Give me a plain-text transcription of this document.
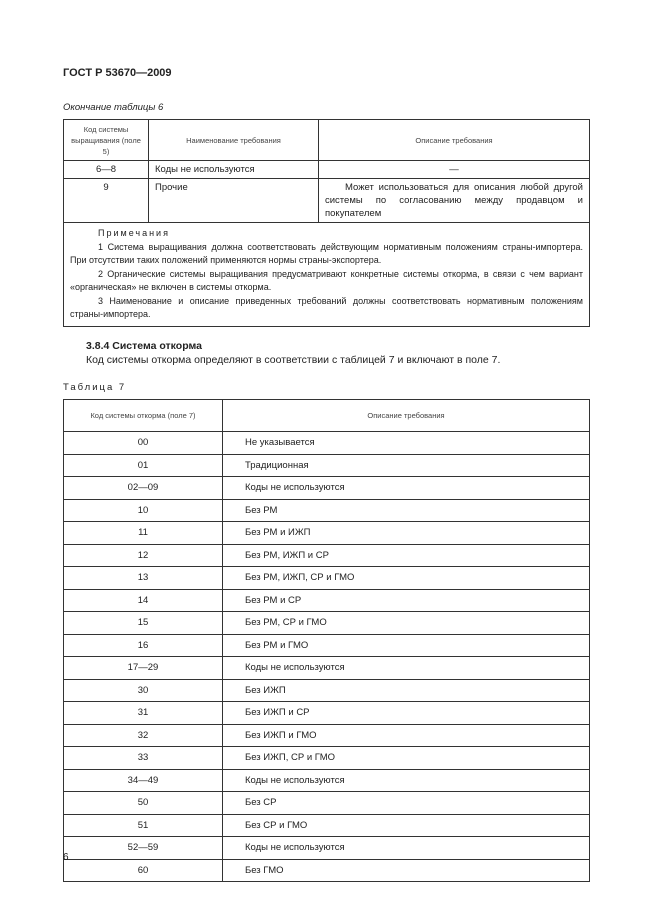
ГОСТ Р 53670—2009
Окончание таблицы 6
Код системы выращивания (поле 5)	Наименование требования	Описание требования
6—8	Коды не используются	—
9	Прочие	Может использоваться для описания любой другой системы по согласованию между продавцом и покупателем

Примечания
1 Система выращивания должна соответствовать действующим нормативным положениям страны-импортера. При отсутствии таких положений применяются нормы страны-экспортера.
2 Органические системы выращивания предусматривают конкретные системы откорма, в связи с чем вариант «органическая» не включен в системы откорма.
3 Наименование и описание приведенных требований должны соответствовать нормативным положениям страны-импортера.		
3.8.4 Система откорма
Код системы откорма определяют в соответствии с таблицей 7 и включают в поле 7.
Таблица 7
Код системы откорма (поле 7)	Описание требования
00	Не указывается
01	Традиционная
02—09	Коды не используются
10	Без РМ
11	Без РМ и ИЖП
12	Без РМ, ИЖП и СР
13	Без РМ, ИЖП, СР и ГМО
14	Без РМ и СР
15	Без РМ, СР и ГМО
16	Без РМ и ГМО
17—29	Коды не используются
30	Без ИЖП
31	Без ИЖП и СР
32	Без ИЖП и ГМО
33	Без ИЖП, СР и ГМО
34—49	Коды не используются
50	Без СР
51	Без СР и ГМО
52—59	Коды не используются
60	Без ГМО
6
